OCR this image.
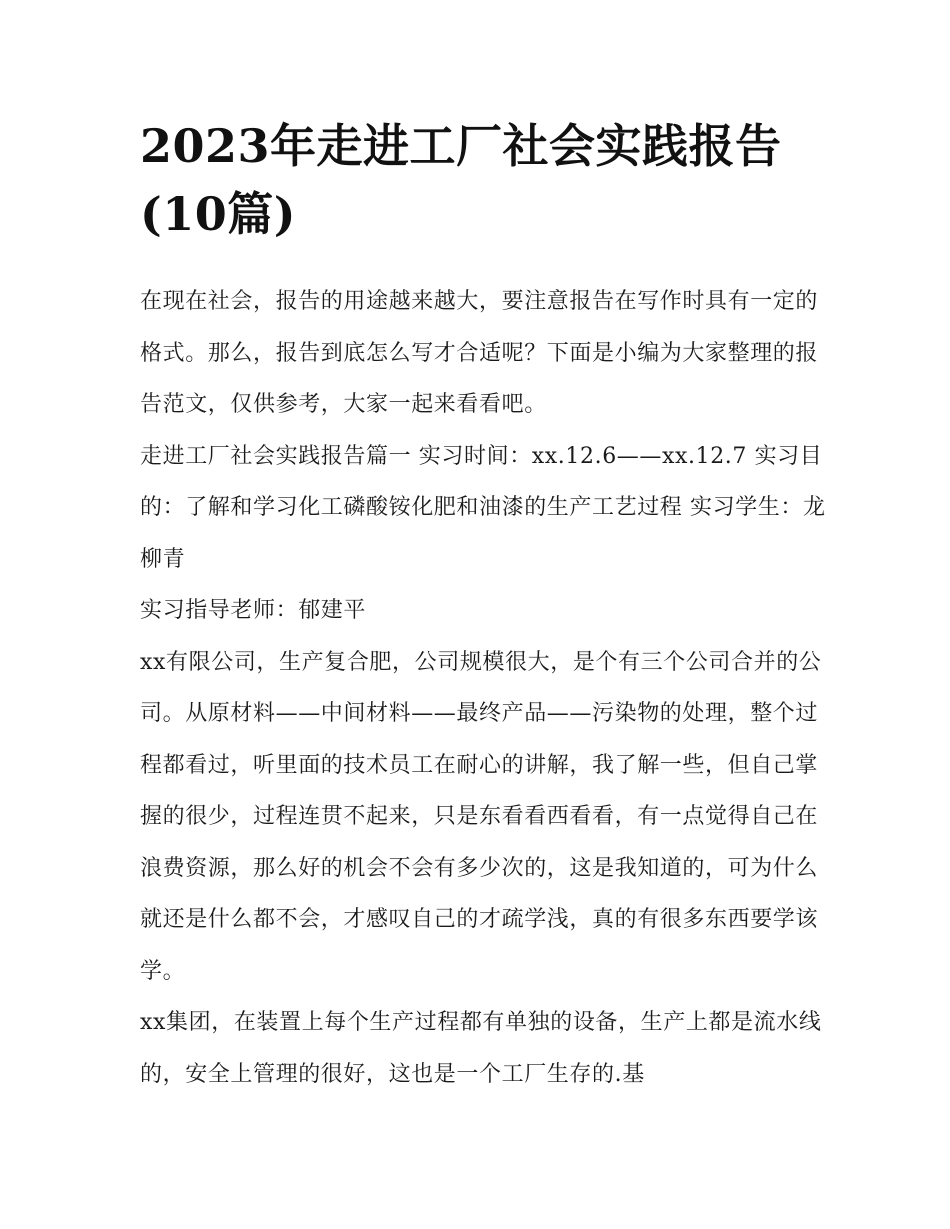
2023年走进工厂社会实践报告
(10篇)

在现在社会，报告的用途越来越大，要注意报告在写作时具有一定的格式。那么，报告到底怎么写才合适呢？下面是小编为大家整理的报告范文，仅供参考，大家一起来看看吧。

走进工厂社会实践报告篇一 实习时间：xx.12.6——xx.12.7 实习目的：了解和学习化工磷酸铵化肥和油漆的生产工艺过程 实习学生：龙柳青

实习指导老师：郁建平

xx有限公司，生产复合肥，公司规模很大，是个有三个公司合并的公司。从原材料——中间材料——最终产品——污染物的处理，整个过程都看过，听里面的技术员工在耐心的讲解，我了解一些，但自己掌握的很少，过程连贯不起来，只是东看看西看看，有一点觉得自己在浪费资源，那么好的机会不会有多少次的，这是我知道的，可为什么就还是什么都不会，才感叹自己的才疏学浅，真的有很多东西要学该学。

xx集团，在装置上每个生产过程都有单独的设备，生产上都是流水线的，安全上管理的很好，这也是一个工厂生存的.基
